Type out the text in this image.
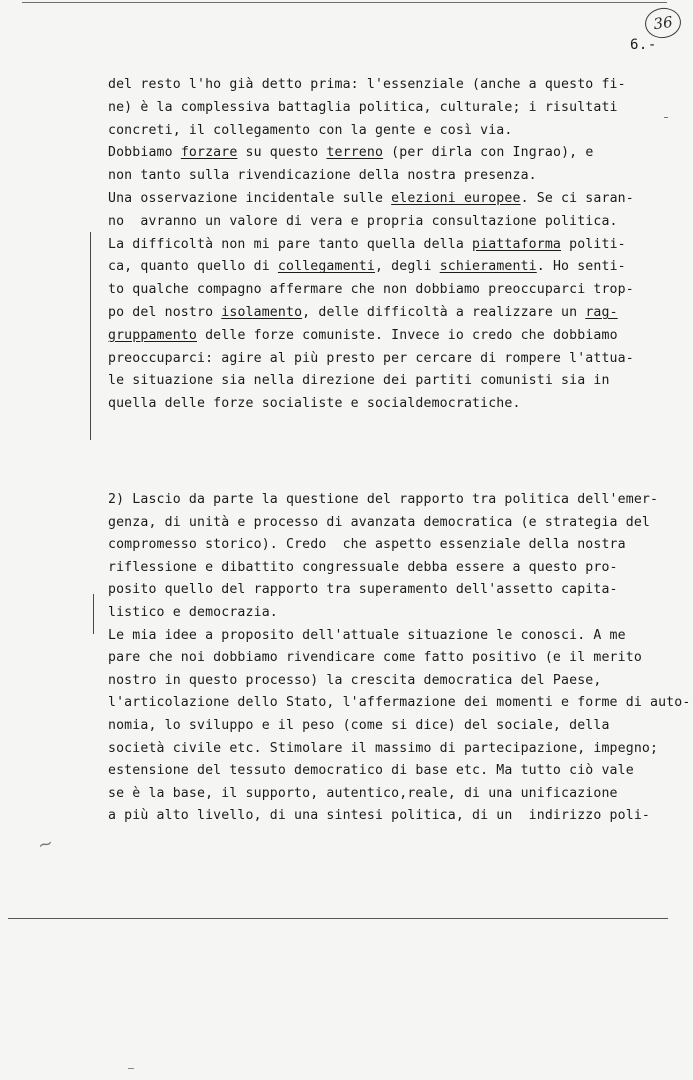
36
6.-
del resto l'ho già detto prima: l'essenziale (anche a questo fi-
ne) è la complessiva battaglia politica, culturale; i risultati
concreti, il collegamento con la gente e così via.
Dobbiamo forzare su questo terreno (per dirla con Ingrao), e
non tanto sulla rivendicazione della nostra presenza.
Una osservazione incidentale sulle elezioni europee. Se ci saran-
no  avranno un valore di vera e propria consultazione politica.
La difficoltà non mi pare tanto quella della piattaforma politi-
ca, quanto quello di collegamenti, degli schieramenti. Ho senti-
to qualche compagno affermare che non dobbiamo preoccuparci trop-
po del nostro isolamento, delle difficoltà a realizzare un rag-
gruppamento delle forze comuniste. Invece io credo che dobbiamo
preoccuparci: agire al più presto per cercare di rompere l'attua-
le situazione sia nella direzione dei partiti comunisti sia in
quella delle forze socialiste e socialdemocratiche.
2) Lascio da parte la questione del rapporto tra politica dell'emer-
genza, di unità e processo di avanzata democratica (e strategia del
compromesso storico). Credo  che aspetto essenziale della nostra
riflessione e dibattito congressuale debba essere a questo pro-
posito quello del rapporto tra superamento dell'assetto capita-
listico e democrazia.
Le mia idee a proposito dell'attuale situazione le conosci. A me
pare che noi dobbiamo rivendicare come fatto positivo (e il merito
nostro in questo processo) la crescita democratica del Paese,
l'articolazione dello Stato, l'affermazione dei momenti e forme di auto-
nomia, lo sviluppo e il peso (come si dice) del sociale, della
società civile etc. Stimolare il massimo di partecipazione, impegno;
estensione del tessuto democratico di base etc. Ma tutto ciò vale
se è la base, il supporto, autentico,reale, di una unificazione
a più alto livello, di una sintesi politica, di un  indirizzo poli-
~
